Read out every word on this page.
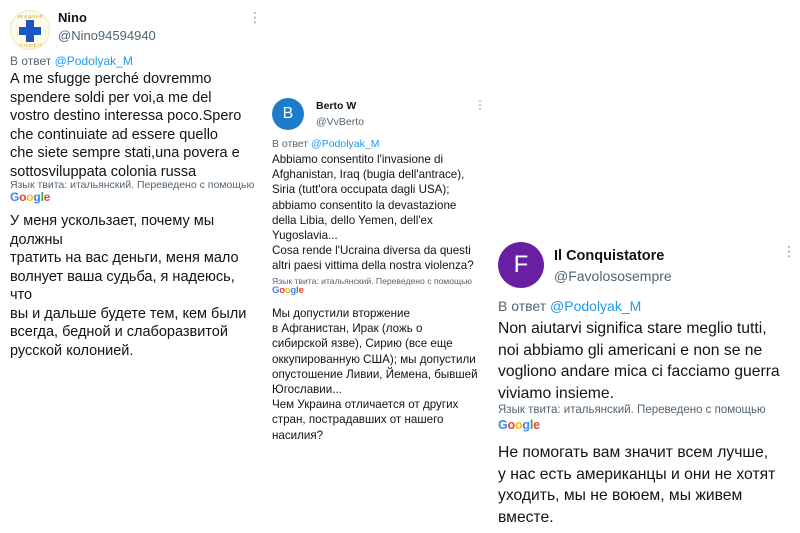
ИК И ДАНАР
АН Н ЕГЕ ГЕ
Nino
@Nino94594940
⋮
В ответ @Podolyak_M
A me sfugge perché dovremmo
spendere soldi per voi,a me del
vostro destino interessa poco.Spero
che continuiate ad essere quello
che siete sempre stati,una povera e
sottosviluppata colonia russa
Язык твита: итальянский. Переведено с помощью
Google
У меня ускользает, почему мы должны
тратить на вас деньги, меня мало
волнует ваша судьба, я надеюсь, что
вы и дальше будете тем, кем были
всегда, бедной и слаборазвитой
русской колонией.
B	Berto W
@VvBerto
⋮
В ответ @Podolyak_M
Abbiamo consentito l'invasione di
Afghanistan, Iraq (bugia dell'antrace),
Siria (tutt'ora occupata dagli USA);
abbiamo consentito la devastazione
della Libia, dello Yemen, dell'ex
Yugoslavia...
Cosa rende l'Ucraina diversa da questi
altri paesi vittima della nostra violenza?
Язык твита: итальянский. Переведено с помощью
Google
Мы допустили вторжение
в Афганистан, Ирак (ложь о
сибирской язве), Сирию (все еще
оккупированную США); мы допустили
опустошение Ливии, Йемена, бывшей
Югославии...
Чем Украина отличается от других
стран, пострадавших от нашего
насилия?
F	Il Conquistatore
@Favolososempre
⋮
В ответ @Podolyak_M
Non aiutarvi significa stare meglio tutti,
noi abbiamo gli americani e non se ne
vogliono andare mica ci facciamo guerra
viviamo insieme.
Язык твита: итальянский. Переведено с помощью
Google
Не помогать вам значит всем лучше,
у нас есть американцы и они не хотят
уходить, мы не воюем, мы живем
вместе.
